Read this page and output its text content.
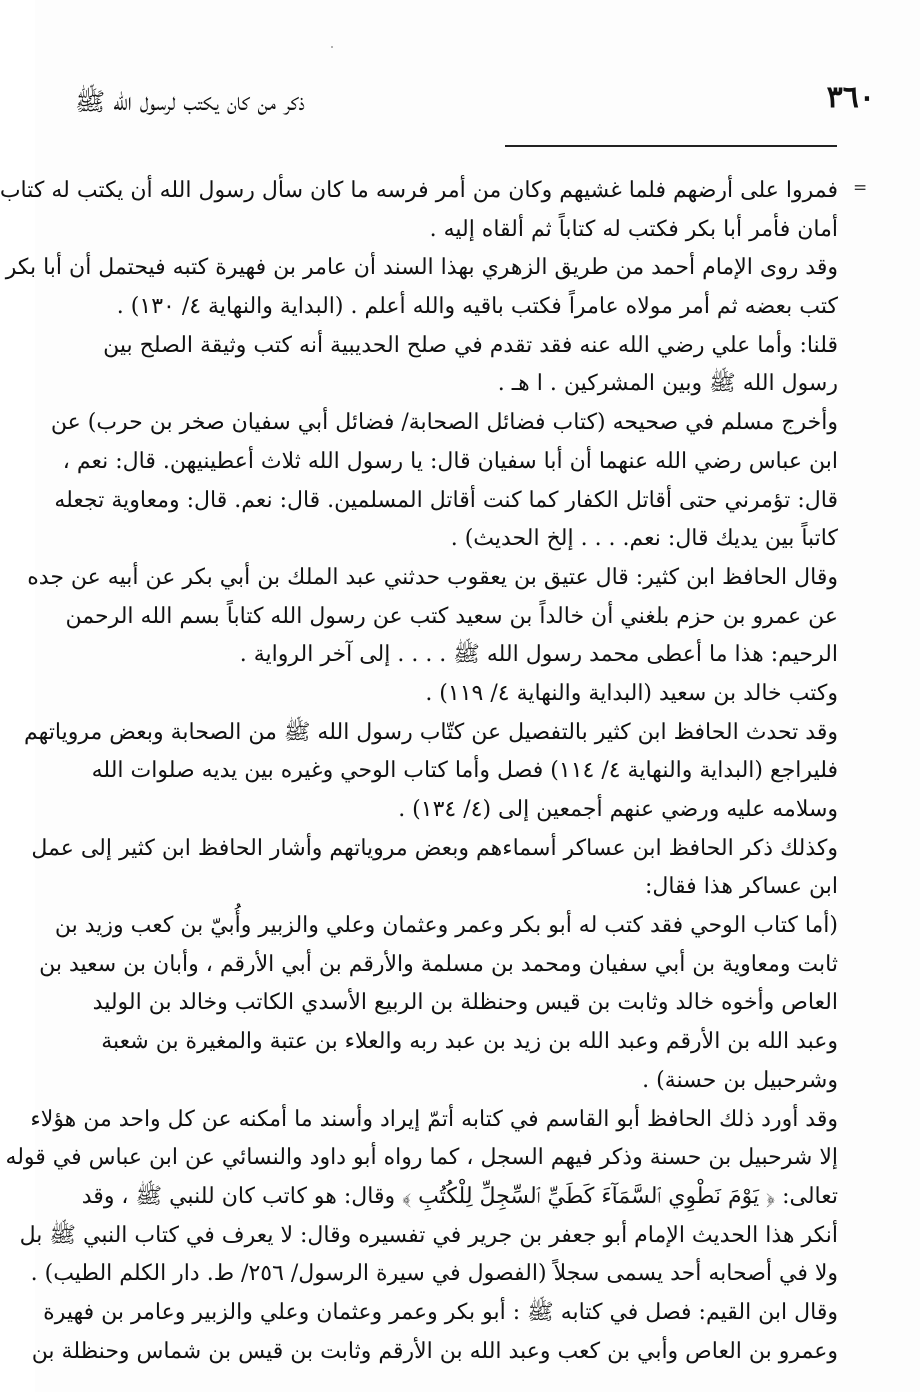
٣٦٠
ذكر من كان يكتب لرسول الله ﷺ
=
فمروا على أرضهم فلما غشيهم وكان من أمر فرسه ما كان سأل رسول الله أن يكتب له كتاب
أمان فأمر أبا بكر فكتب له كتاباً ثم ألقاه إليه .
وقد روى الإمام أحمد من طريق الزهري بهذا السند أن عامر بن فهيرة كتبه فيحتمل أن أبا بكر
كتب بعضه ثم أمر مولاه عامراً فكتب باقيه والله أعلم . (البداية والنهاية ٤/ ١٣٠) .
قلنا: وأما علي رضي الله عنه فقد تقدم في صلح الحديبية أنه كتب وثيقة الصلح بين
رسول الله ﷺ وبين المشركين . ا هـ .
وأخرج مسلم في صحيحه (كتاب فضائل الصحابة/ فضائل أبي سفيان صخر بن حرب) عن
ابن عباس رضي الله عنهما أن أبا سفيان قال: يا رسول الله ثلاث أعطينيهن. قال: نعم ،
قال: تؤمرني حتى أقاتل الكفار كما كنت أقاتل المسلمين. قال: نعم. قال: ومعاوية تجعله
كاتباً بين يديك قال: نعم. . . . إلخ الحديث) .
وقال الحافظ ابن كثير: قال عتيق بن يعقوب حدثني عبد الملك بن أبي بكر عن أبيه عن جده
عن عمرو بن حزم بلغني أن خالداً بن سعيد كتب عن رسول الله كتاباً بسم الله الرحمن
الرحيم: هذا ما أعطى محمد رسول الله ﷺ . . . . إلى آخر الرواية .
وكتب خالد بن سعيد (البداية والنهاية ٤/ ١١٩) .
وقد تحدث الحافظ ابن كثير بالتفصيل عن كتّاب رسول الله ﷺ من الصحابة وبعض مروياتهم
فليراجع (البداية والنهاية ٤/ ١١٤) فصل وأما كتاب الوحي وغيره بين يديه صلوات الله
وسلامه عليه ورضي عنهم أجمعين إلى (٤/ ١٣٤) .
وكذلك ذكر الحافظ ابن عساكر أسماءهم وبعض مروياتهم وأشار الحافظ ابن كثير إلى عمل
ابن عساكر هذا فقال:
(أما كتاب الوحي فقد كتب له أبو بكر وعمر وعثمان وعلي والزبير وأُبيّ بن كعب وزيد بن
ثابت ومعاوية بن أبي سفيان ومحمد بن مسلمة والأرقم بن أبي الأرقم ، وأبان بن سعيد بن
العاص وأخوه خالد وثابت بن قيس وحنظلة بن الربيع الأسدي الكاتب وخالد بن الوليد
وعبد الله بن الأرقم وعبد الله بن زيد بن عبد ربه والعلاء بن عتبة والمغيرة بن شعبة
وشرحبيل بن حسنة) .
وقد أورد ذلك الحافظ أبو القاسم في كتابه أتمّ إيراد وأسند ما أمكنه عن كل واحد من هؤلاء
إلا شرحبيل بن حسنة وذكر فيهم السجل ، كما رواه أبو داود والنسائي عن ابن عباس في قوله
تعالى: ﴿ يَوْمَ نَطْوِي ٱلسَّمَآءَ كَطَيِّ ٱلسِّجِلِّ لِلْكُتُبِ ﴾ وقال: هو كاتب كان للنبي ﷺ ، وقد
أنكر هذا الحديث الإمام أبو جعفر بن جرير في تفسيره وقال: لا يعرف في كتاب النبي ﷺ بل
ولا في أصحابه أحد يسمى سجلاً (الفصول في سيرة الرسول/ ٢٥٦/ ط. دار الكلم الطيب) .
وقال ابن القيم: فصل في كتابه ﷺ : أبو بكر وعمر وعثمان وعلي والزبير وعامر بن فهيرة
وعمرو بن العاص وأبي بن كعب وعبد الله بن الأرقم وثابت بن قيس بن شماس وحنظلة بن
